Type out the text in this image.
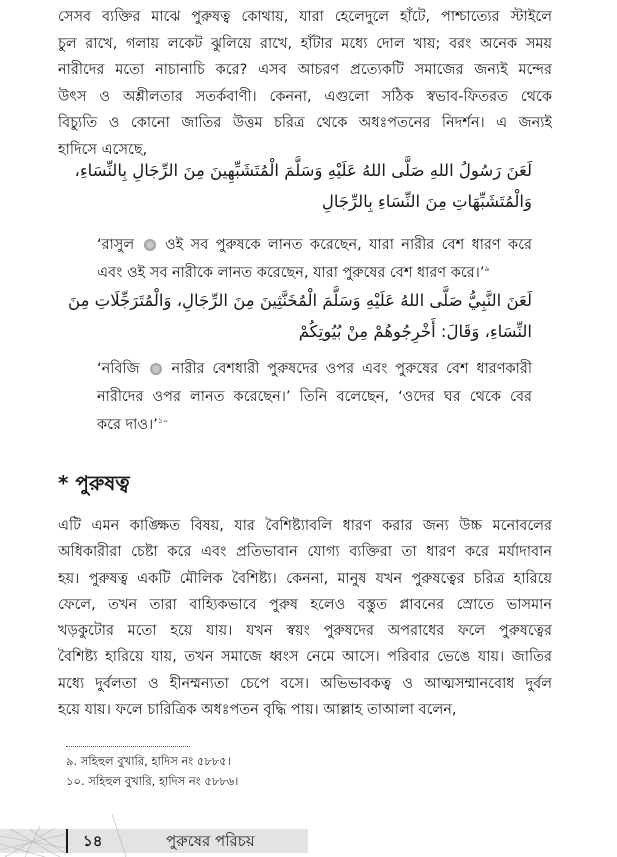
সেসব ব্যক্তির মাঝে পুরুষত্ব কোথায়, যারা হেলেদুলে হাঁটে, পাশ্চাত্যের স্টাইলে
চুল রাখে, গলায় লকেট ঝুলিয়ে রাখে, হাঁটার মধ্যে দোল খায়; বরং অনেক সময়
নারীদের মতো নাচানাচি করে? এসব আচরণ প্রত্যেকটি সমাজের জন্যই মন্দের
উৎস ও অশ্লীলতার সতর্কবাণী। কেননা, এগুলো সঠিক স্বভাব-ফিতরত থেকে
বিচ্যুতি ও কোনো জাতির উত্তম চরিত্র থেকে অধঃপতনের নিদর্শন। এ জন্যই
হাদিসে এসেছে,
لَعَنَ رَسُولُ اللهِ صَلَّى اللهُ عَلَيْهِ وَسَلَّمَ الْمُتَشَبِّهِينَ مِنَ الرِّجَالِ بِالنِّسَاءِ،
وَالْمُتَشَبِّهَاتِ مِنَ النِّسَاءِ بِالرِّجَالِ
‘রাসুল ওই সব পুরুষকে লানত করেছেন, যারা নারীর বেশ ধারণ করে
এবং ওই সব নারীকে লানত করেছেন, যারা পুরুষের বেশ ধারণ করে।’$^৯$
لَعَنَ النَّبِيُّ صَلَّى اللهُ عَلَيْهِ وَسَلَّمَ الْمُخَنَّثِينَ مِنَ الرِّجَالِ، وَالْمُتَرَجِّلَاتِ مِنَ
النِّسَاءِ، وَقَالَ: أَخْرِجُوهُمْ مِنْ بُيُوتِكُمْ
‘নবিজি নারীর বেশধারী পুরুষদের ওপর এবং পুরুষের বেশ ধারণকারী
নারীদের ওপর লানত করেছেন।’ তিনি বলেছেন, ‘ওদের ঘর থেকে বের
করে দাও।’$^{১০}$
* পুরুষত্ব
এটি এমন কাঙ্ক্ষিত বিষয়, যার বৈশিষ্ট্যাবলি ধারণ করার জন্য উচ্চ মনোবলের
অধিকারীরা চেষ্টা করে এবং প্রতিভাবান যোগ্য ব্যক্তিরা তা ধারণ করে মর্যাদাবান
হয়। পুরুষত্ব একটি মৌলিক বৈশিষ্ট্য। কেননা, মানুষ যখন পুরুষত্বের চরিত্র হারিয়ে
ফেলে, তখন তারা বাহ্যিকভাবে পুরুষ হলেও বস্তুত প্লাবনের স্রোতে ভাসমান
খড়কুটোর মতো হয়ে যায়। যখন স্বয়ং পুরুষদের অপরাধের ফলে পুরুষত্বের
বৈশিষ্ট্য হারিয়ে যায়, তখন সমাজে ধ্বংস নেমে আসে। পরিবার ভেঙে যায়। জাতির
মধ্যে দুর্বলতা ও হীনম্মন্যতা চেপে বসে। অভিভাবকত্ব ও আত্মসম্মানবোধ দুর্বল
হয়ে যায়। ফলে চারিত্রিক অধঃপতন বৃদ্ধি পায়। আল্লাহ তাআলা বলেন,
৯. সহিহুল বুখারি, হাদিস নং ৫৮৮৫।
১০. সহিহুল বুখারি, হাদিস নং ৫৮৮৬।
১৪	পুরুষের পরিচয়
